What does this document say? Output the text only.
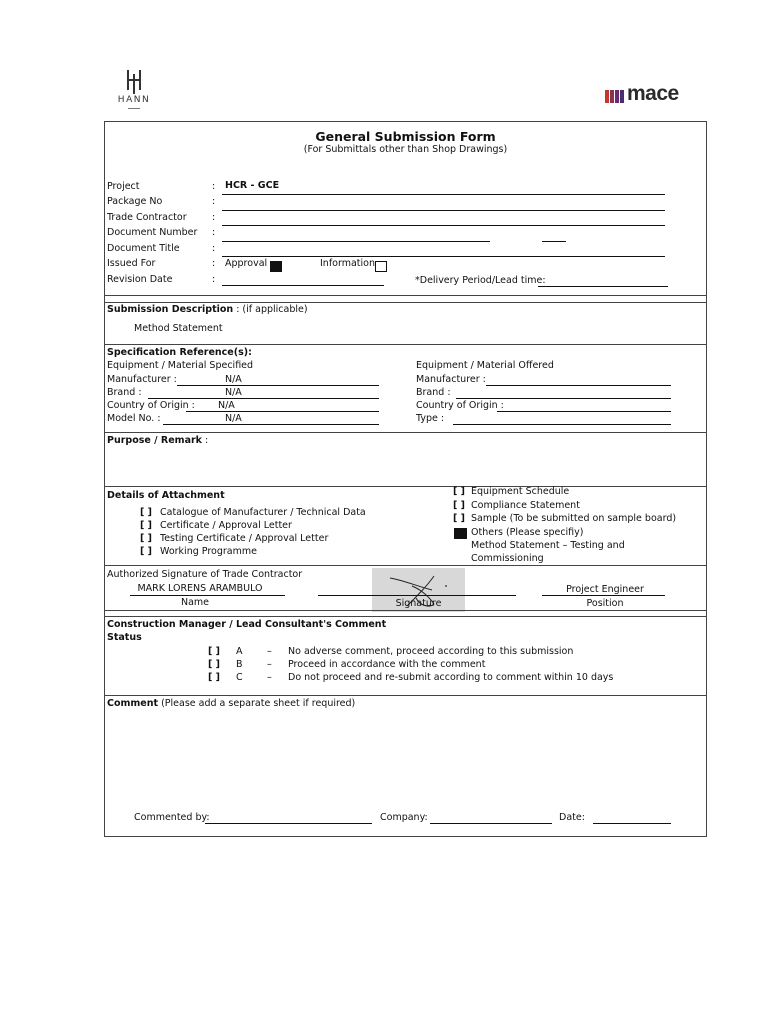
HANN	mace
General Submission Form
(For Submittals other than Shop Drawings)
Project	: HCR - GCE
Package No	:
Trade Contractor	:
Document Number :
Document Title	:
Issued For	: Approval	Information
Revision Date	:	*Delivery Period/Lead time:
Submission Description : (if applicable)
Method Statement
Specification Reference(s):
Equipment / Material Specified	Equipment / Material Offered
Manufacturer :	N/A
Brand :	N/A
Country of Origin : N/A
Model No. :	N/A
Manufacturer :
Brand :
Country of Origin :
Type :
Purpose / Remark :
Details of Attachment
[ ] Catalogue of Manufacturer / Technical Data
[ ] Certificate / Approval Letter
[ ] Testing Certificate / Approval Letter
[ ] Working Programme
[ ] Equipment Schedule
[ ] Compliance Statement
[ ] Sample (To be submitted on sample board)
Others (Please specifiy)
Method Statement – Testing and
Commissioning
Authorized Signature of Trade Contractor
MARK LORENS ARAMBULO
Name	Signature
Project Engineer
Position
Construction Manager / Lead Consultant's Comment
Status
[ ] A	– No adverse comment, proceed according to this submission
[ ] B	– Proceed in accordance with the comment
[ ] C	– Do not proceed and re-submit according to comment within 10 days
Comment (Please add a separate sheet if required)
Commented by:	Company:	Date:
